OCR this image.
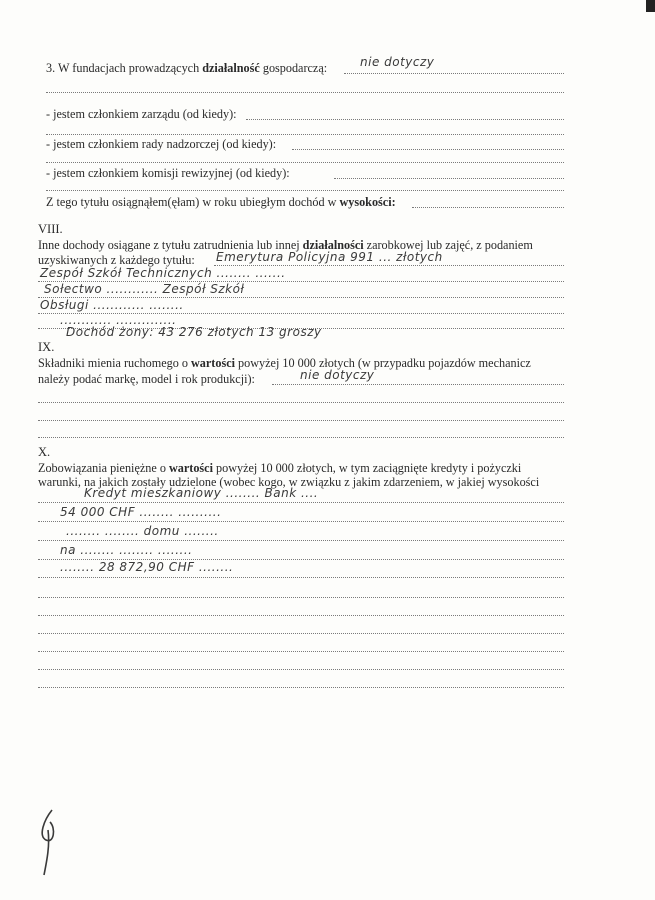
3. W fundacjach prowadzących działalność gospodarczą:	nie dotyczy
- jestem członkiem zarządu (od kiedy):
- jestem członkiem rady nadzorczej (od kiedy):
- jestem członkiem komisji rewizyjnej (od kiedy):
Z tego tytułu osiągnąłem(ęłam) w roku ubiegłym dochód w wysokości:
VIII.
Inne dochody osiągane z tytułu zatrudnienia lub innej działalności zarobkowej lub zajęć, z podaniem
uzyskiwanych z każdego tytułu: Emerytura Policyjna 991 ... złotych
Zespół Szkół Technicznych ........ .......
Sołectwo ............ Zespół Szkół
Obsługi ............ ........
............ ..............
Dochód żony: 43 276 złotych 13 groszy
IX.
Składniki mienia ruchomego o wartości powyżej 10 000 złotych (w przypadku pojazdów mechanicz
należy podać markę, model i rok produkcji):	nie dotyczy
X.
Zobowiązania pieniężne o wartości powyżej 10 000 złotych, w tym zaciągnięte kredyty i pożyczki
warunki, na jakich zostały udzielone (wobec kogo, w związku z jakim zdarzeniem, w jakiej wysokości
Kredyt mieszkaniowy ........ Bank ....
54 000 CHF ........ ..........
........ ........ domu ........
na ........ ........ ........
........ 28 872,90 CHF ........
